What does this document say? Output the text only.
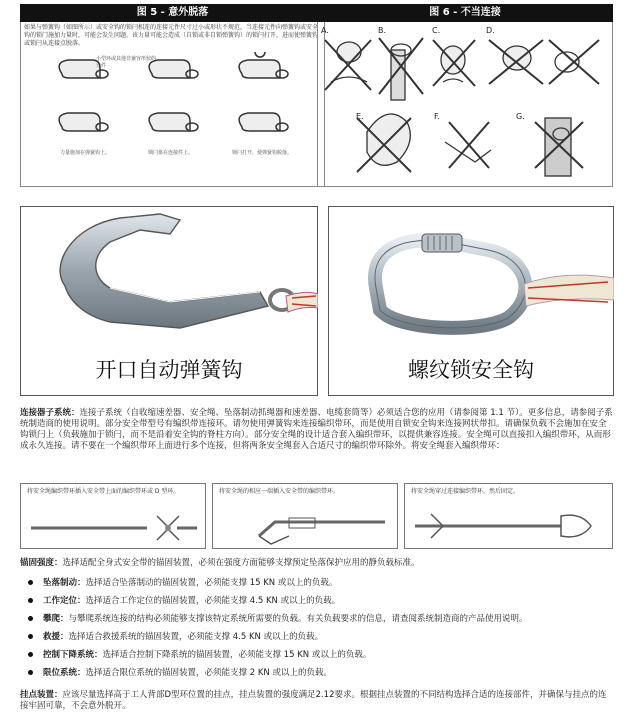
图 5 - 意外脱落
如果与弹簧钩（如图所示）或安全钩的锁闩相连的连接元件尺寸过小或形状不规范，当连接元件向弹簧钩或安全钩的锁门施加力量时，可能会发生问题。该力量可能会造成（自锁或非自锁弹簧钩）的锁闩打开，进而使弹簧钩或锁闩从连接点脱落。
小型环或其他非兼容形状的元件
力量施加在弹簧钩上。	锁闩靠在连接件上。	锁闩打开，使弹簧钩脱落。
图 6 - 不当连接
A.	B.	C.	D.
E.	F.	G.
开口自动弹簧钩	螺纹锁安全钩
连接器子系统：连接子系统（自收缩速差器、安全绳、坠落制动抓绳器和速差器、电缆套筒等）必须适合您的应用（请参阅第 1.1 节）。更多信息，请参阅子系统制造商的使用说明。部分安全带型号有编织带连接环。请勿使用弹簧钩来连接编织带环，而是使用自锁安全钩来连接网状带扣。请确保负载不会施加在安全钩锁闩上（负载施加于锁闩，而不是沿着安全钩的脊柱方向）。部分安全绳的设计适合套入编织带环，以提供兼容连接。安全绳可以直接扣入编织带环，从而形成永久连接。请不要在一个编织带环上面进行多个连接，但将两条安全绳套入合适尺寸的编织带环除外。将安全绳套入编织带环：
将安全绳编织带环插入安全带上面的编织带环或 D 型环。	将安全绳的相应一端插入安全带的编织带环。	将安全绳穿过连接编织带环，然后固定。
锚固强度：选择适配全身式安全带的锚固装置，必须在强度方面能够支撑预定坠落保护应用的静负载标准。
坠落制动：选择适合坠落制动的锚固装置，必须能支撑 15 KN 或以上的负载。
工作定位：选择适合工作定位的锚固装置，必须能支撑 4.5 KN 或以上的负载。
攀爬：与攀爬系统连接的结构必须能够支撑该特定系统所需要的负载。有关负载要求的信息，请查阅系统制造商的产品使用说明。
救援：选择适合救援系统的锚固装置，必须能支撑 4.5 KN 或以上的负载。
控制下降系统：选择适合控制下降系统的锚固装置，必须能支撑 15 KN 或以上的负载。
限位系统：选择适合限位系统的锚固装置，必须能支撑 2 KN 或以上的负载。
挂点装置：应该尽量选择高于工人背部D型环位置的挂点，挂点装置的强度满足2.12要求。根据挂点装置的不同结构选择合适的连接部件，并确保与挂点的连接牢固可靠，不会意外脱开。
